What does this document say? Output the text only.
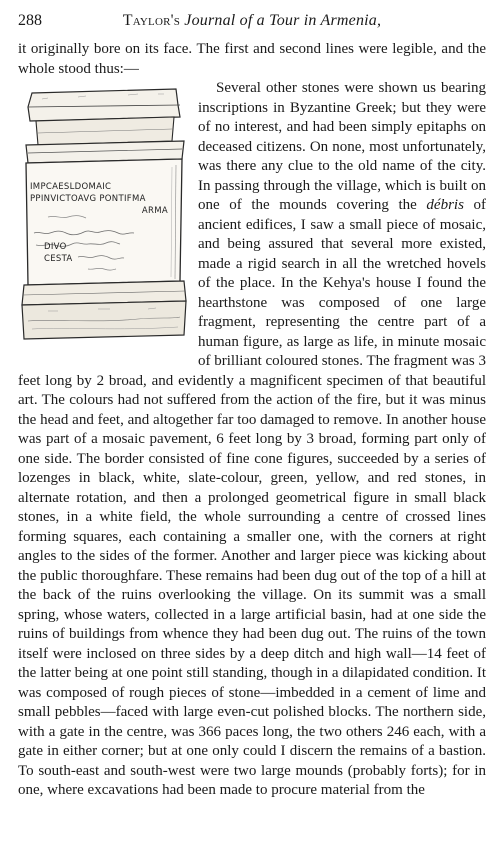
288	Taylor's Journal of a Tour in Armenia,

it originally bore on its face. The first and second lines were legible, and the whole stood thus:—

IMPCAESLDOMAIC
PPINVICTOAVG PONTIFMA
ARMA
DIVO
CESTA

Several other stones were shown us bearing inscriptions in Byzantine Greek; but they were of no interest, and had been simply epitaphs on deceased citizens. On none, most unfortunately, was there any clue to the old name of the city. In passing through the village, which is built on one of the mounds covering the débris of ancient edifices, I saw a small piece of mosaic, and being assured that several more existed, made a rigid search in all the wretched hovels of the place. In the Kehya's house I found the hearthstone was composed of one large fragment, representing the centre part of a human figure, as large as life, in minute mosaic of brilliant coloured stones. The fragment was 3 feet long by 2 broad, and evidently a magnificent specimen of that beautiful art. The colours had not suffered from the action of the fire, but it was minus the head and feet, and altogether far too damaged to remove. In another house was part of a mosaic pavement, 6 feet long by 3 broad, forming part only of one side. The border consisted of fine cone figures, succeeded by a series of lozenges in black, white, slate-colour, green, yellow, and red stones, in alternate rotation, and then a prolonged geometrical figure in small black stones, in a white field, the whole surrounding a centre of crossed lines forming squares, each containing a smaller one, with the corners at right angles to the sides of the former. Another and larger piece was kicking about the public thoroughfare. These remains had been dug out of the top of a hill at the back of the ruins overlooking the village. On its summit was a small spring, whose waters, collected in a large artificial basin, had at one side the ruins of buildings from whence they had been dug out. The ruins of the town itself were inclosed on three sides by a deep ditch and high wall—14 feet of the latter being at one point still standing, though in a dilapidated condition. It was composed of rough pieces of stone—imbedded in a cement of lime and small pebbles—faced with large even-cut polished blocks. The northern side, with a gate in the centre, was 366 paces long, the two others 246 each, with a gate in either corner; but at one only could I discern the remains of a bastion. To south-east and south-west were two large mounds (probably forts); for in one, where excavations had been made to procure material from the
